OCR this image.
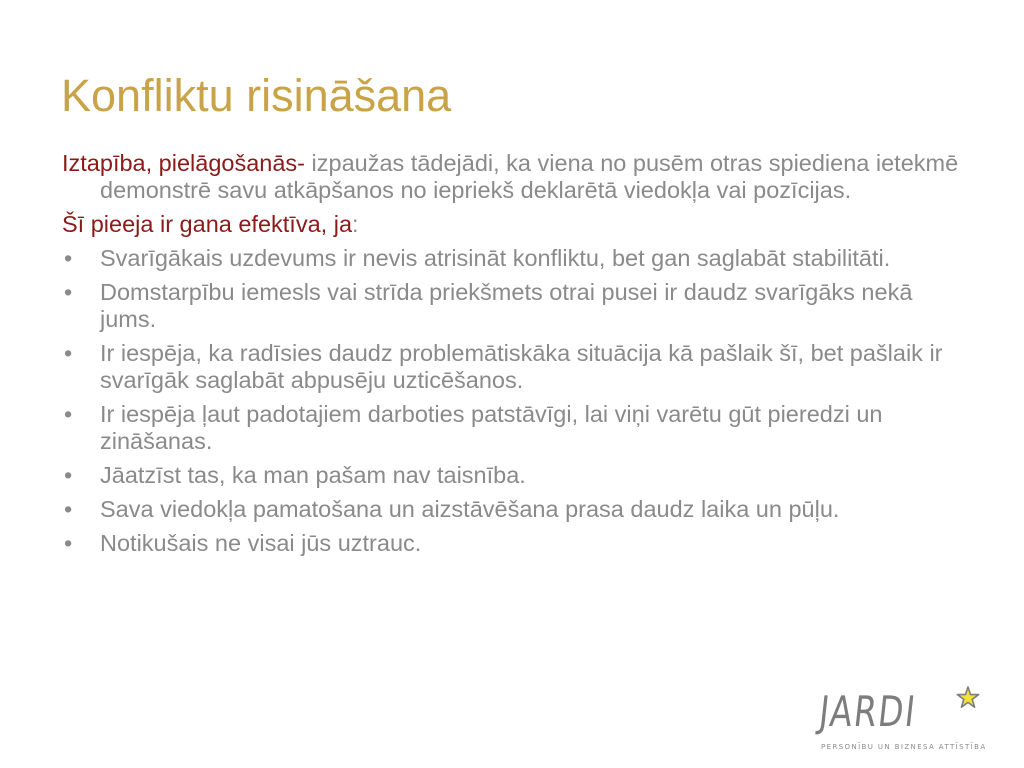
Konfliktu risināšana

Iztapība, pielāgošanās- izpaužas tādejādi, ka viena no pusēm otras spiediena ietekmē demonstrē savu atkāpšanos no iepriekš deklarētā viedokļa vai pozīcijas.

Šī pieeja ir gana efektīva, ja:

• Svarīgākais uzdevums ir nevis atrisināt konfliktu, bet gan saglabāt stabilitāti.
• Domstarpību iemesls vai strīda priekšmets otrai pusei ir daudz svarīgāks nekā jums.
• Ir iespēja, ka radīsies daudz problemātiskāka situācija kā pašlaik šī, bet pašlaik ir svarīgāk saglabāt abpusēju uzticēšanos.
• Ir iespēja ļaut padotajiem darboties patstāvīgi, lai viņi varētu gūt pieredzi un zināšanas.
• Jāatzīst tas, ka man pašam nav taisnība.
• Sava viedokļa pamatošana un aizstāvēšana prasa daudz laika un pūļu.
• Notikušais ne visai jūs uztrauc.
JARDI
PERSONĪBU UN BIZNESA ATTĪSTĪBA
